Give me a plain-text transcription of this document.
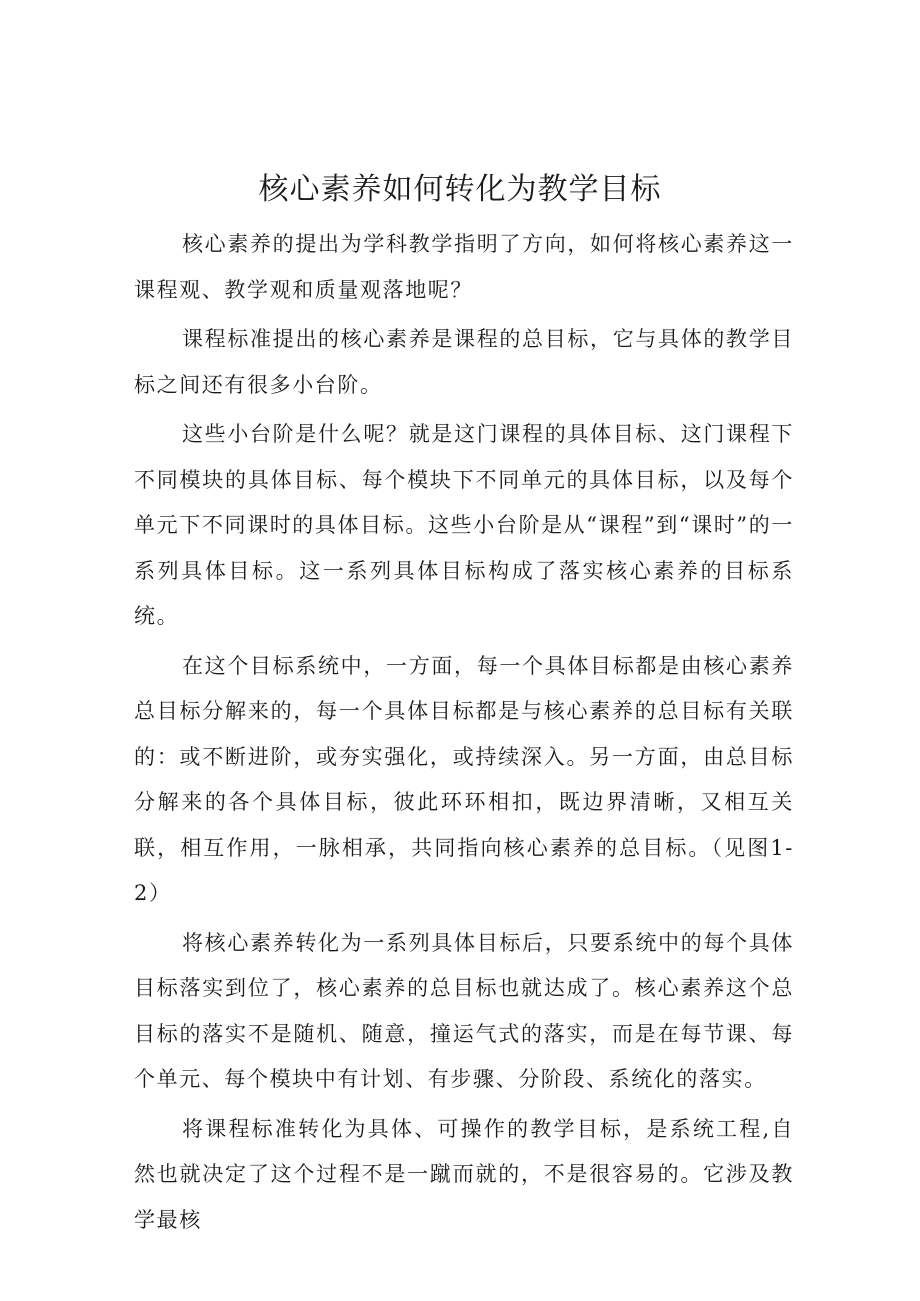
核心素养如何转化为教学目标

核心素养的提出为学科教学指明了方向，如何将核心素养这一课程观、教学观和质量观落地呢？

课程标准提出的核心素养是课程的总目标，它与具体的教学目标之间还有很多小台阶。

这些小台阶是什么呢？就是这门课程的具体目标、这门课程下不同模块的具体目标、每个模块下不同单元的具体目标，以及每个单元下不同课时的具体目标。这些小台阶是从“课程”到“课时”的一系列具体目标。这一系列具体目标构成了落实核心素养的目标系统。

在这个目标系统中，一方面，每一个具体目标都是由核心素养总目标分解来的，每一个具体目标都是与核心素养的总目标有关联的：或不断进阶，或夯实强化，或持续深入。另一方面，由总目标分解来的各个具体目标，彼此环环相扣，既边界清晰，又相互关联，相互作用，一脉相承，共同指向核心素养的总目标。（见图1-2）

将核心素养转化为一系列具体目标后，只要系统中的每个具体目标落实到位了，核心素养的总目标也就达成了。核心素养这个总目标的落实不是随机、随意，撞运气式的落实，而是在每节课、每个单元、每个模块中有计划、有步骤、分阶段、系统化的落实。

将课程标准转化为具体、可操作的教学目标，是系统工程,自然也就决定了这个过程不是一蹴而就的，不是很容易的。它涉及教学最核
